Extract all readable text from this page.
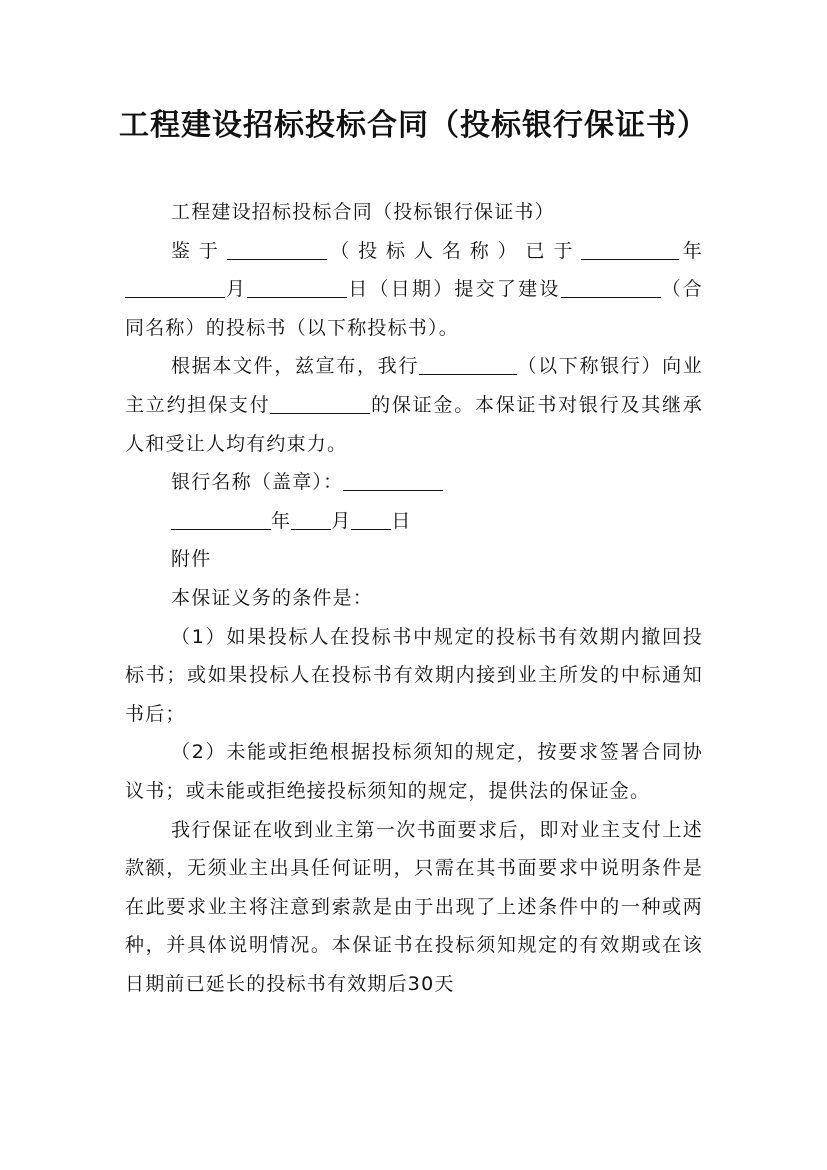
工程建设招标投标合同（投标银行保证书）

工程建设招标投标合同（投标银行保证书）

鉴于	（投标人名称）已于	年月	日（日期）提交了建设	（合同名称）的投标书（以下称投标书）。

根据本文件，兹宣布，我行	（以下称银行）向业主立约担保支付	的保证金。本保证书对银行及其继承人和受让人均有约束力。

银行名称（盖章）：

年 月 日

附件

本保证义务的条件是：

（1）如果投标人在投标书中规定的投标书有效期内撤回投标书；或如果投标人在投标书有效期内接到业主所发的中标通知书后；

（2）未能或拒绝根据投标须知的规定，按要求签署合同协议书；或未能或拒绝接投标须知的规定，提供法的保证金。

我行保证在收到业主第一次书面要求后，即对业主支付上述款额，无须业主出具任何证明，只需在其书面要求中说明条件是在此要求业主将注意到索款是由于出现了上述条件中的一种或两种，并具体说明情况。本保证书在投标须知规定的有效期或在该日期前已延长的投标书有效期后30天
